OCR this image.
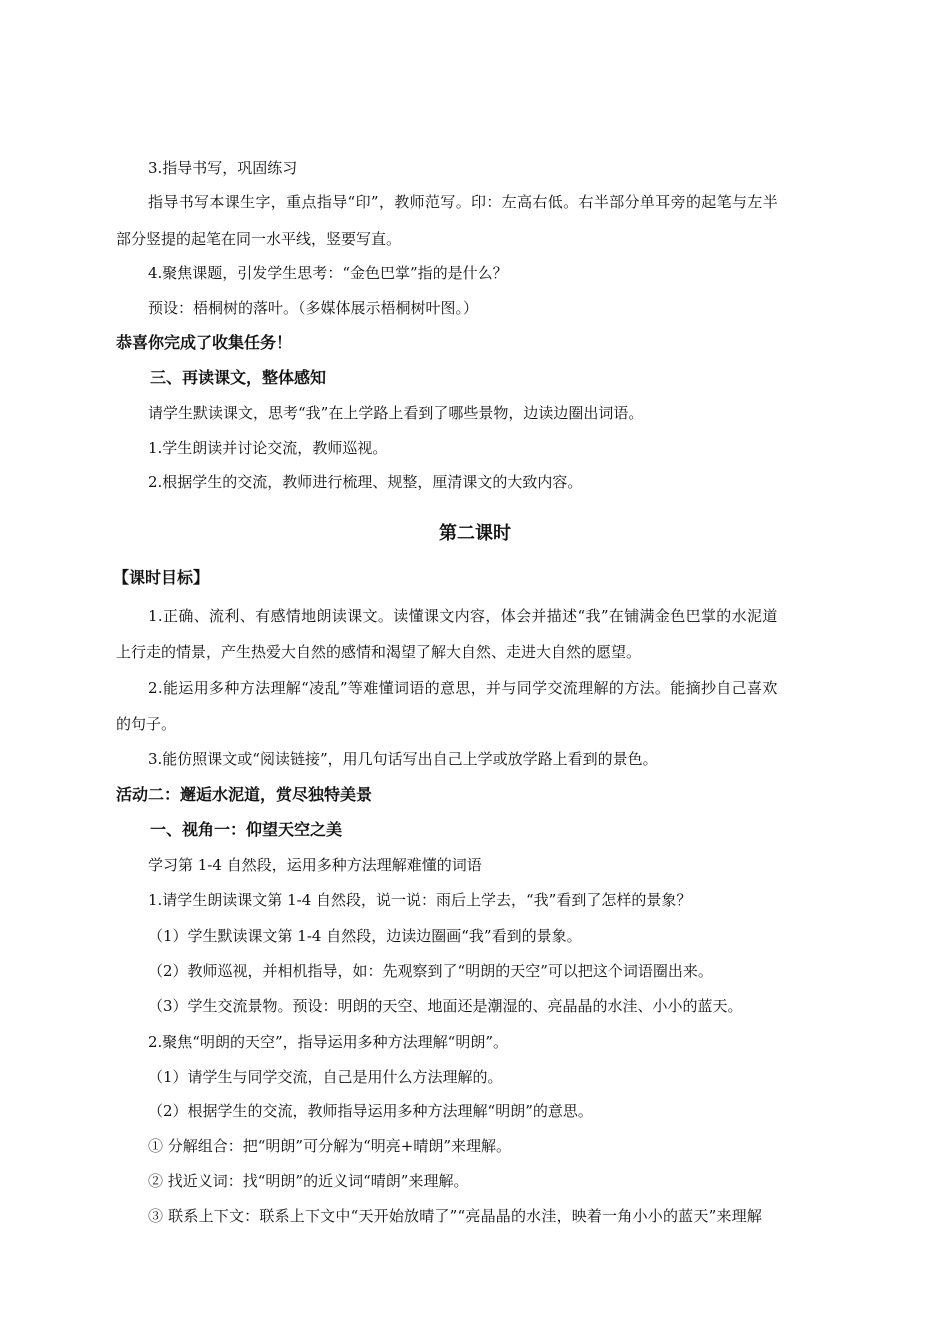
3.指导书写，巩固练习
指导书写本课生字，重点指导“印”，教师范写。印：左高右低。右半部分单耳旁的起笔与左半
部分竖提的起笔在同一水平线，竖要写直。
4.聚焦课题，引发学生思考：“金色巴掌”指的是什么？
预设：梧桐树的落叶。（多媒体展示梧桐树叶图。）
恭喜你完成了收集任务！
三、再读课文，整体感知
请学生默读课文，思考“我”在上学路上看到了哪些景物，边读边圈出词语。
1.学生朗读并讨论交流，教师巡视。
2.根据学生的交流，教师进行梳理、规整，厘清课文的大致内容。
第二课时
【课时目标】
1.正确、流利、有感情地朗读课文。读懂课文内容，体会并描述“我”在铺满金色巴掌的水泥道
上行走的情景，产生热爱大自然的感情和渴望了解大自然、走进大自然的愿望。
2.能运用多种方法理解“凌乱”等难懂词语的意思，并与同学交流理解的方法。能摘抄自己喜欢
的句子。
3.能仿照课文或“阅读链接”，用几句话写出自己上学或放学路上看到的景色。
活动二：邂逅水泥道，赏尽独特美景
一、视角一：仰望天空之美
学习第 1-4 自然段，运用多种方法理解难懂的词语
1.请学生朗读课文第 1-4 自然段，说一说：雨后上学去，“我”看到了怎样的景象？
（1）学生默读课文第 1-4 自然段，边读边圈画“我”看到的景象。
（2）教师巡视，并相机指导，如：先观察到了“明朗的天空”可以把这个词语圈出来。
（3）学生交流景物。预设：明朗的天空、地面还是潮湿的、亮晶晶的水洼、小小的蓝天。
2.聚焦“明朗的天空”，指导运用多种方法理解“明朗”。
（1）请学生与同学交流，自己是用什么方法理解的。
（2）根据学生的交流，教师指导运用多种方法理解“明朗”的意思。
① 分解组合：把“明朗”可分解为“明亮+晴朗”来理解。
② 找近义词：找“明朗”的近义词“晴朗”来理解。
③ 联系上下文：联系上下文中“天开始放晴了”“亮晶晶的水洼，映着一角小小的蓝天”来理解
